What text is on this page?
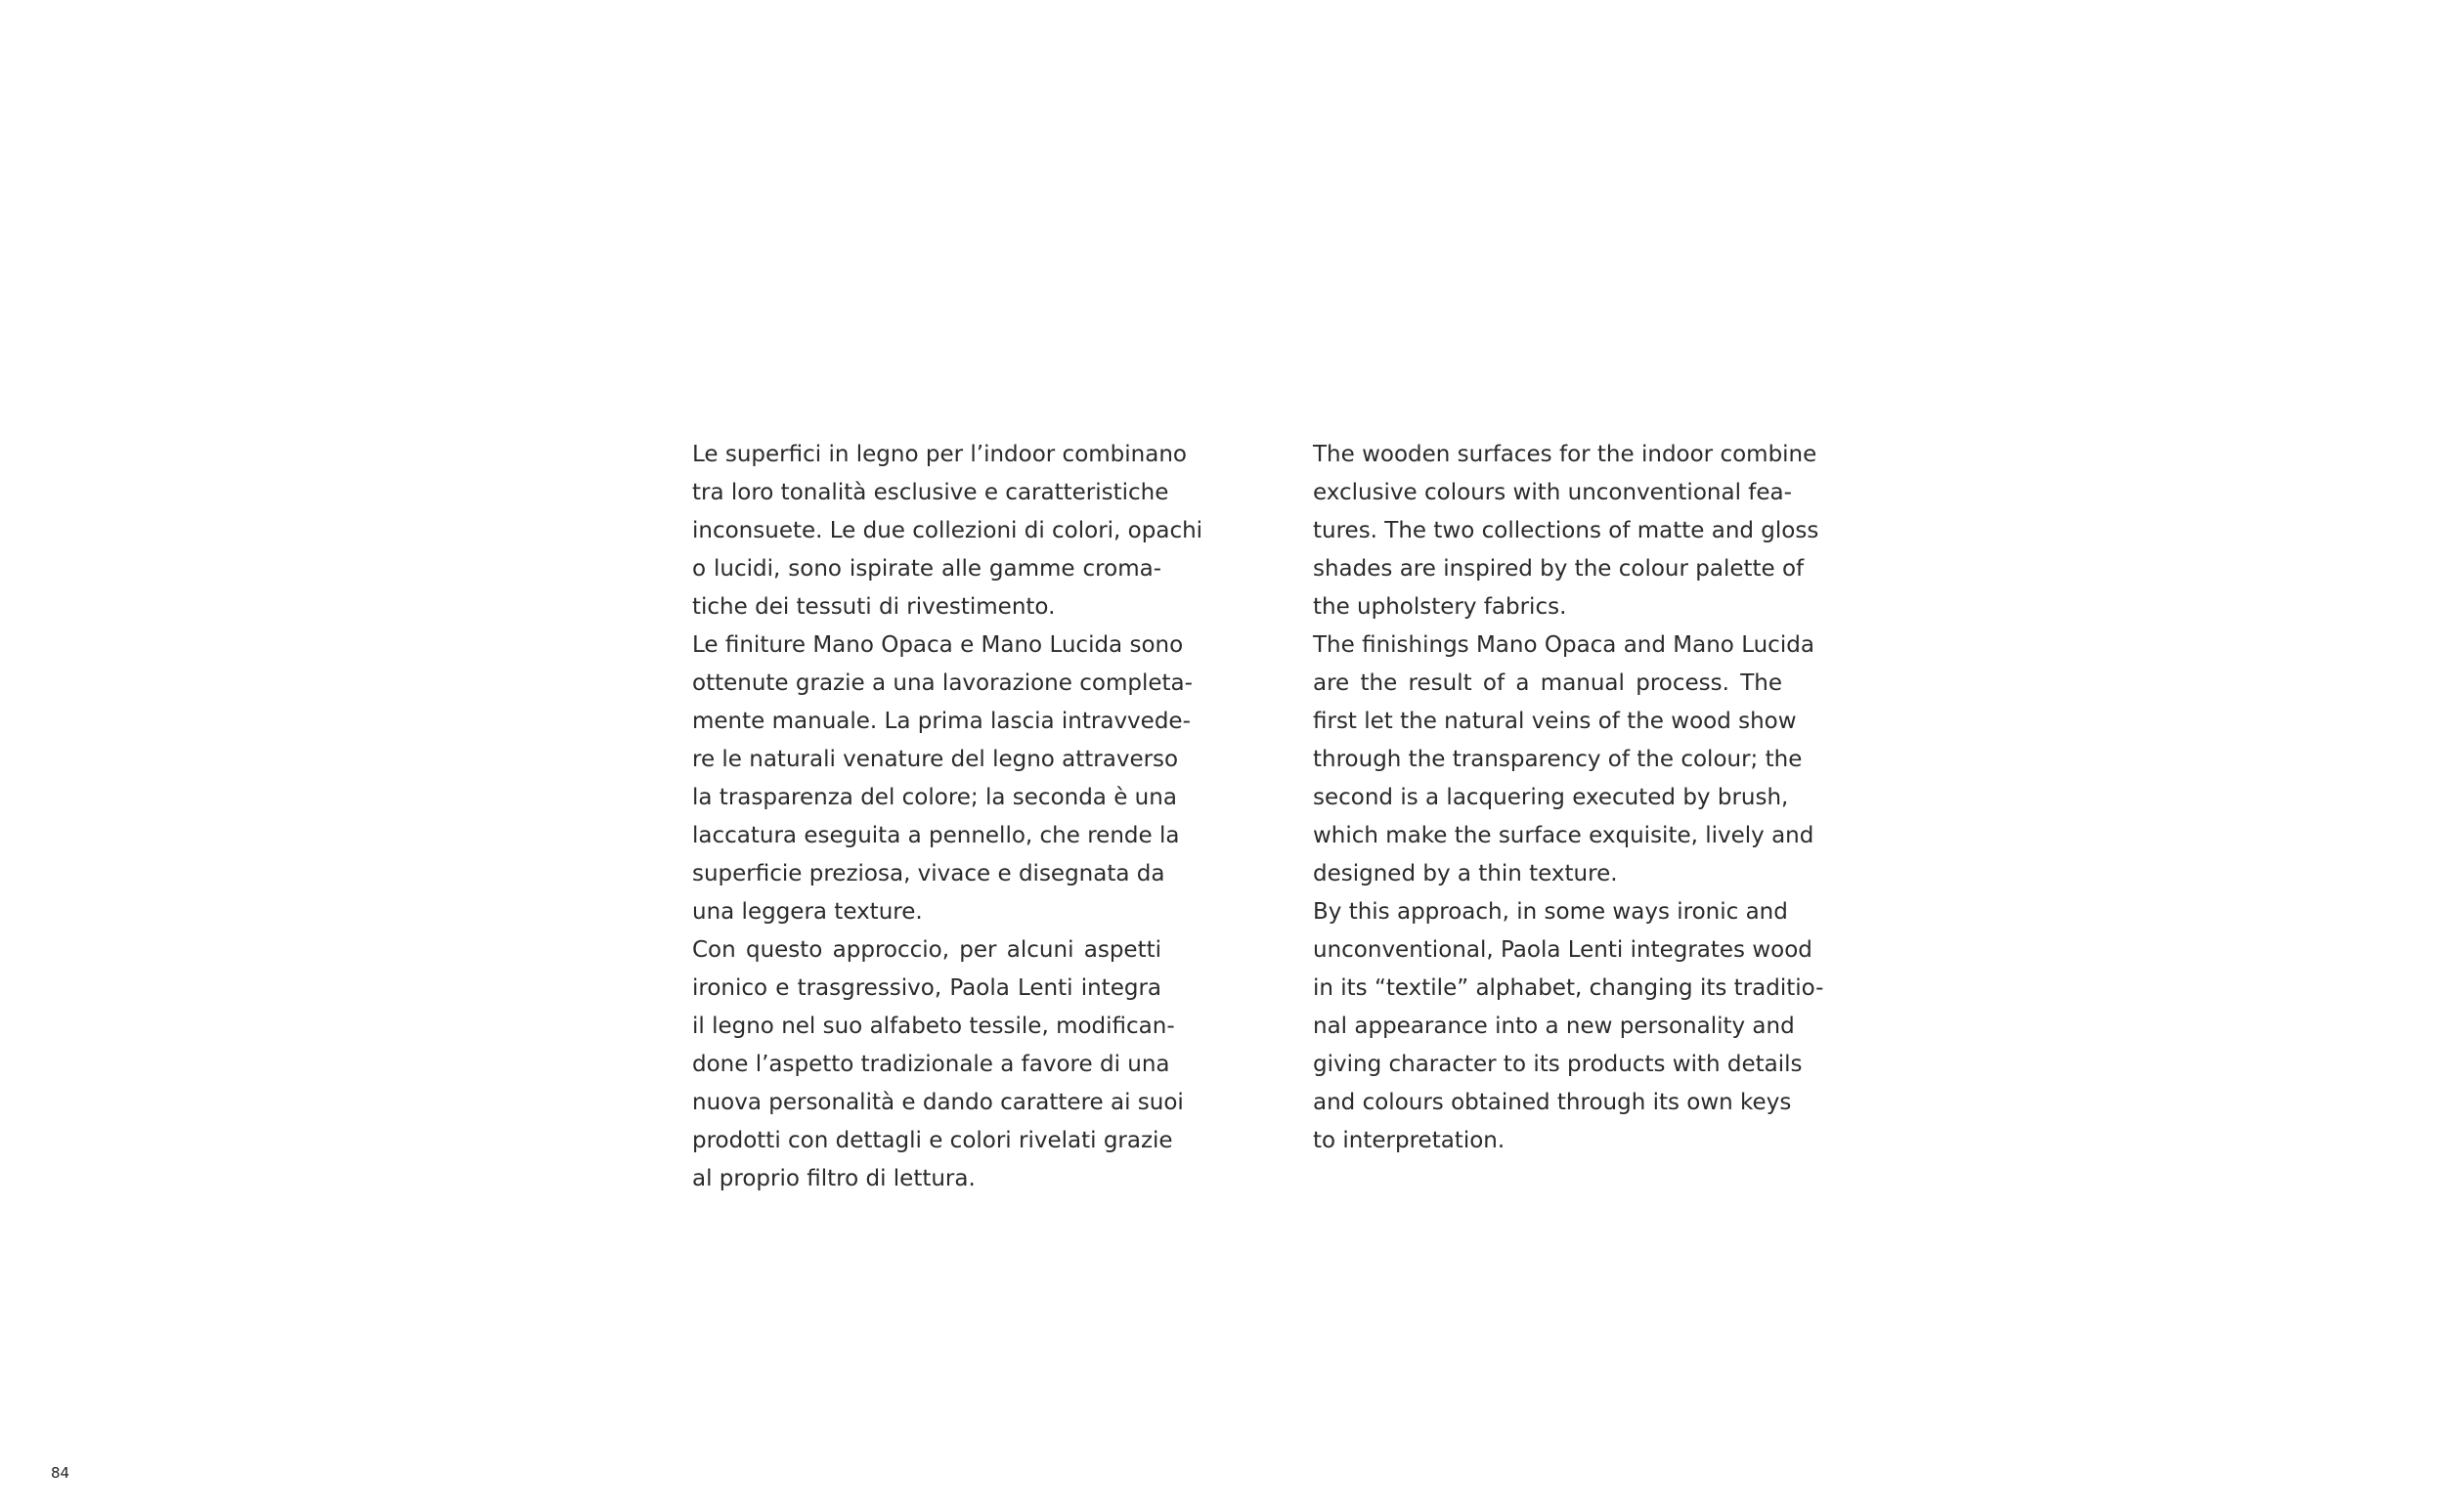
Le superfici in legno per l’indoor combinano
tra loro tonalità esclusive e caratteristiche
inconsuete. Le due collezioni di colori, opachi
o lucidi, sono ispirate alle gamme croma-
tiche dei tessuti di rivestimento.

Le finiture Mano Opaca e Mano Lucida sono
ottenute grazie a una lavorazione completa-
mente manuale. La prima lascia intravvede-
re le naturali venature del legno attraverso
la trasparenza del colore; la seconda è una
laccatura eseguita a pennello, che rende la
superficie preziosa, vivace e disegnata da
una leggera texture.

Con questo approccio, per alcuni aspetti
ironico e trasgressivo, Paola Lenti integra
il legno nel suo alfabeto tessile, modifican-
done l’aspetto tradizionale a favore di una
nuova personalità e dando carattere ai suoi
prodotti con dettagli e colori rivelati grazie
al proprio filtro di lettura.

The wooden surfaces for the indoor combine
exclusive colours with unconventional fea-
tures. The two collections of matte and gloss
shades are inspired by the colour palette of
the upholstery fabrics.

The finishings Mano Opaca and Mano Lucida
are the result of a manual process. The
first let the natural veins of the wood show
through the transparency of the colour; the
second is a lacquering executed by brush,
which make the surface exquisite, lively and
designed by a thin texture.

By this approach, in some ways ironic and
unconventional, Paola Lenti integrates wood
in its “textile” alphabet, changing its traditio-
nal appearance into a new personality and
giving character to its products with details
and colours obtained through its own keys
to interpretation.

84
